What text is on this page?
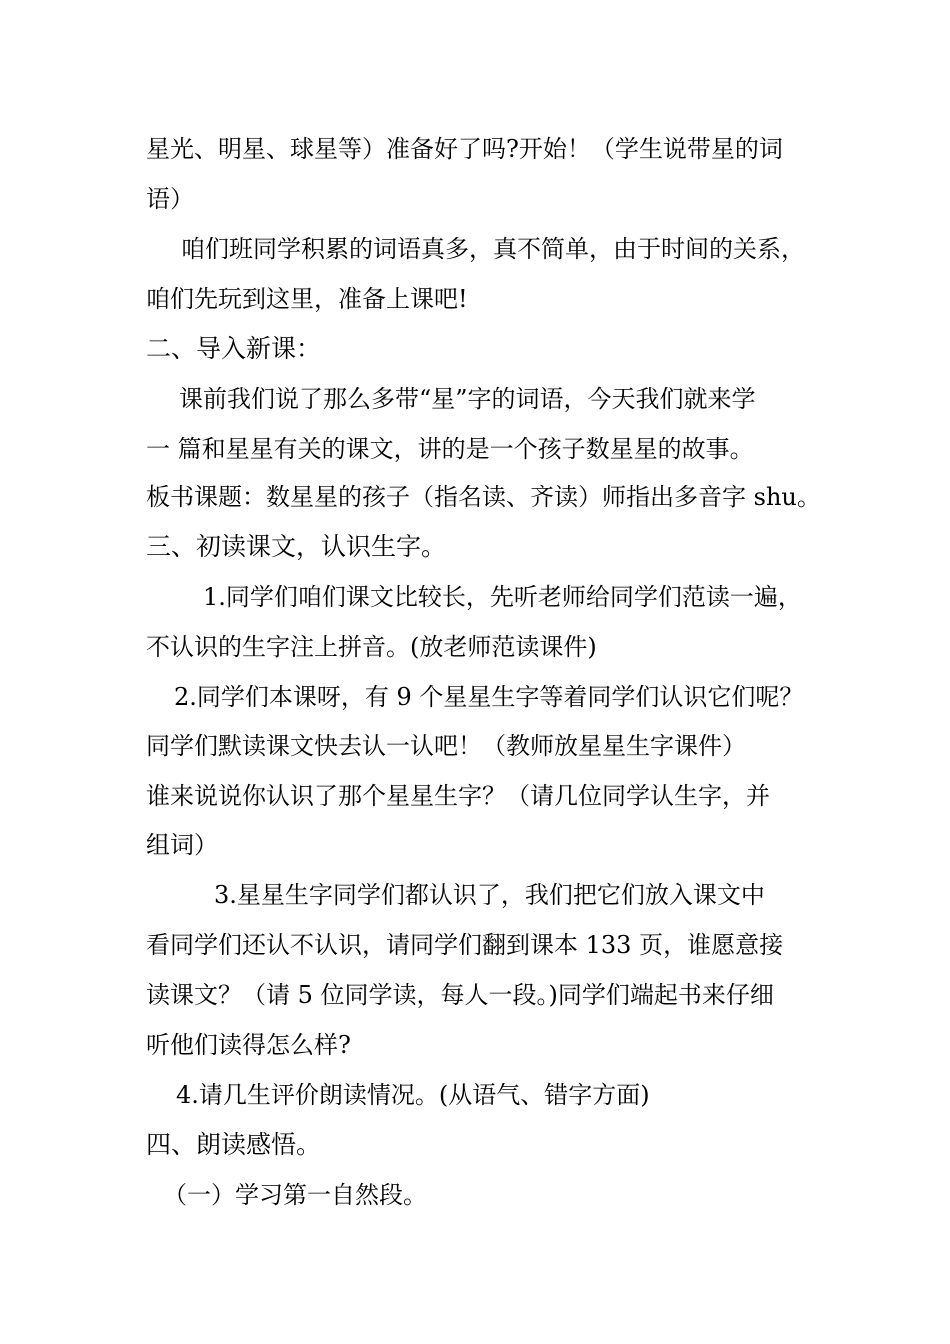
星光、明星、球星等）准备好了吗?开始！（学生说带星的词

语）

咱们班同学积累的词语真多，真不简单，由于时间的关系，

咱们先玩到这里，准备上课吧!

二、导入新课：

课前我们说了那么多带“星”字的词语，今天我们就来学

一 篇和星星有关的课文，讲的是一个孩子数星星的故事。

板书课题：数星星的孩子（指名读、齐读）师指出多音字 shu。

三、初读课文，认识生字。

1.同学们咱们课文比较长，先听老师给同学们范读一遍，

不认识的生字注上拼音。(放老师范读课件)

2.同学们本课呀，有 9 个星星生字等着同学们认识它们呢？

同学们默读课文快去认一认吧！（教师放星星生字课件）

谁来说说你认识了那个星星生字？（请几位同学认生字，并

组词）

3.星星生字同学们都认识了，我们把它们放入课文中

看同学们还认不认识，请同学们翻到课本 133 页，谁愿意接

读课文？（请 5 位同学读，每人一段。)同学们端起书来仔细

听他们读得怎么样?

4.请几生评价朗读情况。(从语气、错字方面)

四、朗读感悟。

（一）学习第一自然段。
